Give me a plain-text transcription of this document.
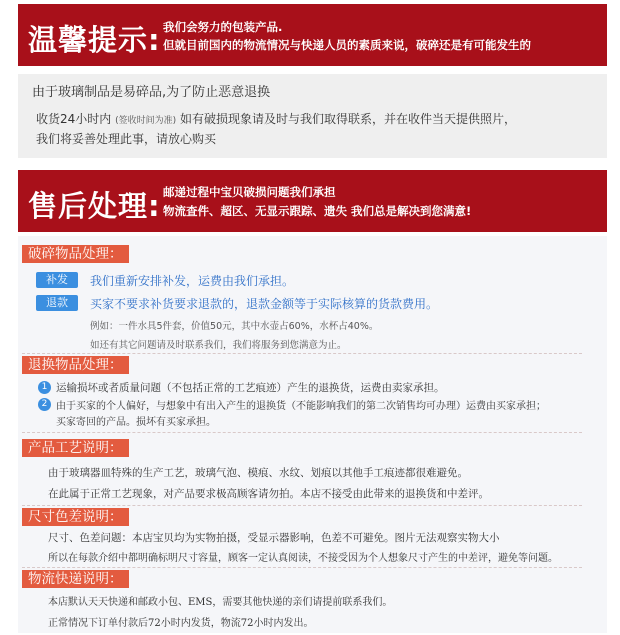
温馨提示: 我们会努力的包装产品.
但就目前国内的物流情况与快递人员的素质来说，破碎还是有可能发生的
由于玻璃制品是易碎品,为了防止恶意退换
收货24小时内 (签收时间为准) 如有破损现象请及时与我们取得联系，并在收件当天提供照片，
我们将妥善处理此事，请放心购买
售后处理: 邮递过程中宝贝破损问题我们承担
物流查件、超区、无显示跟踪、遗失 我们总是解决到您满意!
破碎物品处理：
补发	我们重新安排补发，运费由我们承担。
退款	买家不要求补货要求退款的，退款金额等于实际核算的货款费用。
例如：一件水具5件套，价值50元，其中水壶占60%，水杯占40%。
如还有其它问题请及时联系我们，我们将服务到您满意为止。
退换物品处理：
1 运输损坏或者质量问题（不包括正常的工艺痕迹）产生的退换货，运费由卖家承担。
2 由于买家的个人偏好，与想象中有出入产生的退换货（不能影响我们的第二次销售均可办理）运费由买家承担；
买家寄回的产品。损坏有买家承担。
产品工艺说明：
由于玻璃器皿特殊的生产工艺，玻璃气泡、模痕、水纹、划痕以其他手工痕迹都很难避免。
在此属于正常工艺现象，对产品要求极高顾客请勿拍。本店不接受由此带来的退换货和中差评。
尺寸色差说明：
尺寸、色差问题：本店宝贝均为实物拍摄，受显示器影响，色差不可避免。图片无法观察实物大小
所以在每款介绍中都明确标明尺寸容量，顾客一定认真阅读，不接受因为个人想象尺寸产生的中差评，避免等问题。
物流快递说明：
本店默认天天快递和邮政小包、EMS，需要其他快递的亲们请提前联系我们。
正常情况下订单付款后72小时内发货，物流72小时内发出。
